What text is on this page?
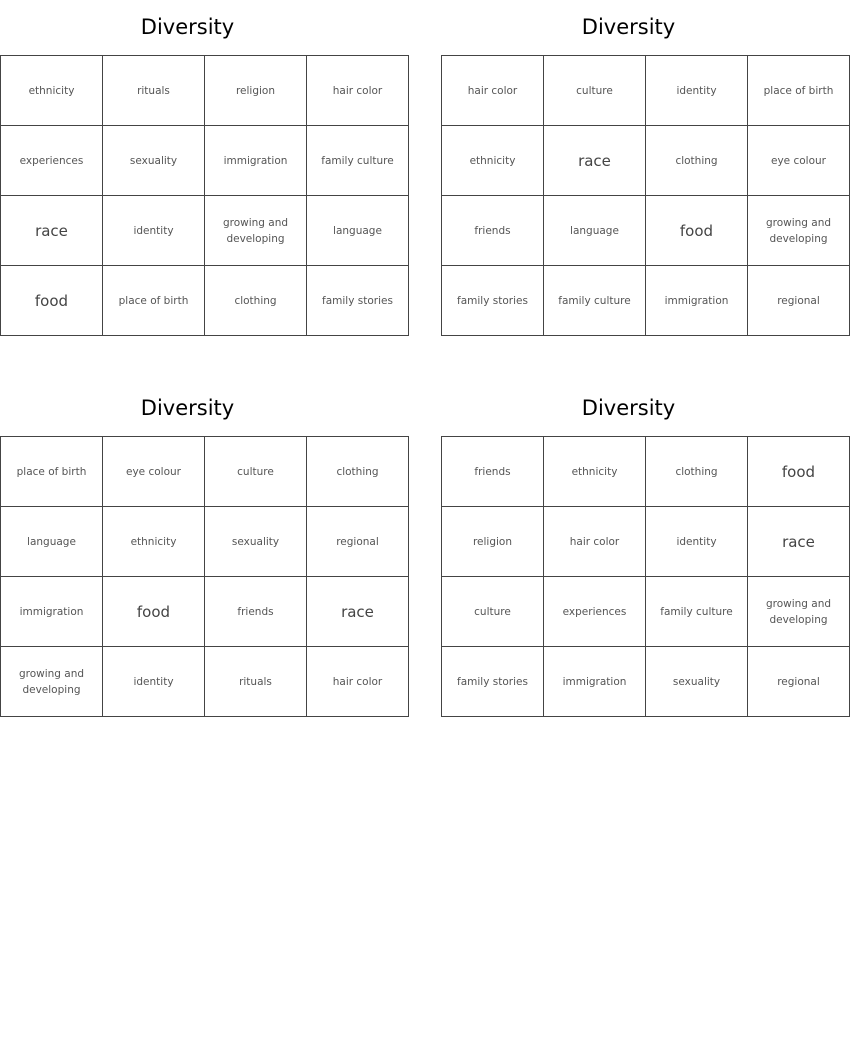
Diversity
ethnicity	rituals	religion	hair color
experiences	sexuality	immigration	family culture
race	identity	growing and developing	language
food	place of birth	clothing	family stories
Diversity
hair color	culture	identity	place of birth
ethnicity	race	clothing	eye colour
friends	language	food	growing and developing
family stories	family culture	immigration	regional
Diversity
place of birth	eye colour	culture	clothing
language	ethnicity	sexuality	regional
immigration	food	friends	race
growing and developing	identity	rituals	hair color
Diversity
friends	ethnicity	clothing	food
religion	hair color	identity	race
culture	experiences	family culture	growing and developing
family stories	immigration	sexuality	regional
